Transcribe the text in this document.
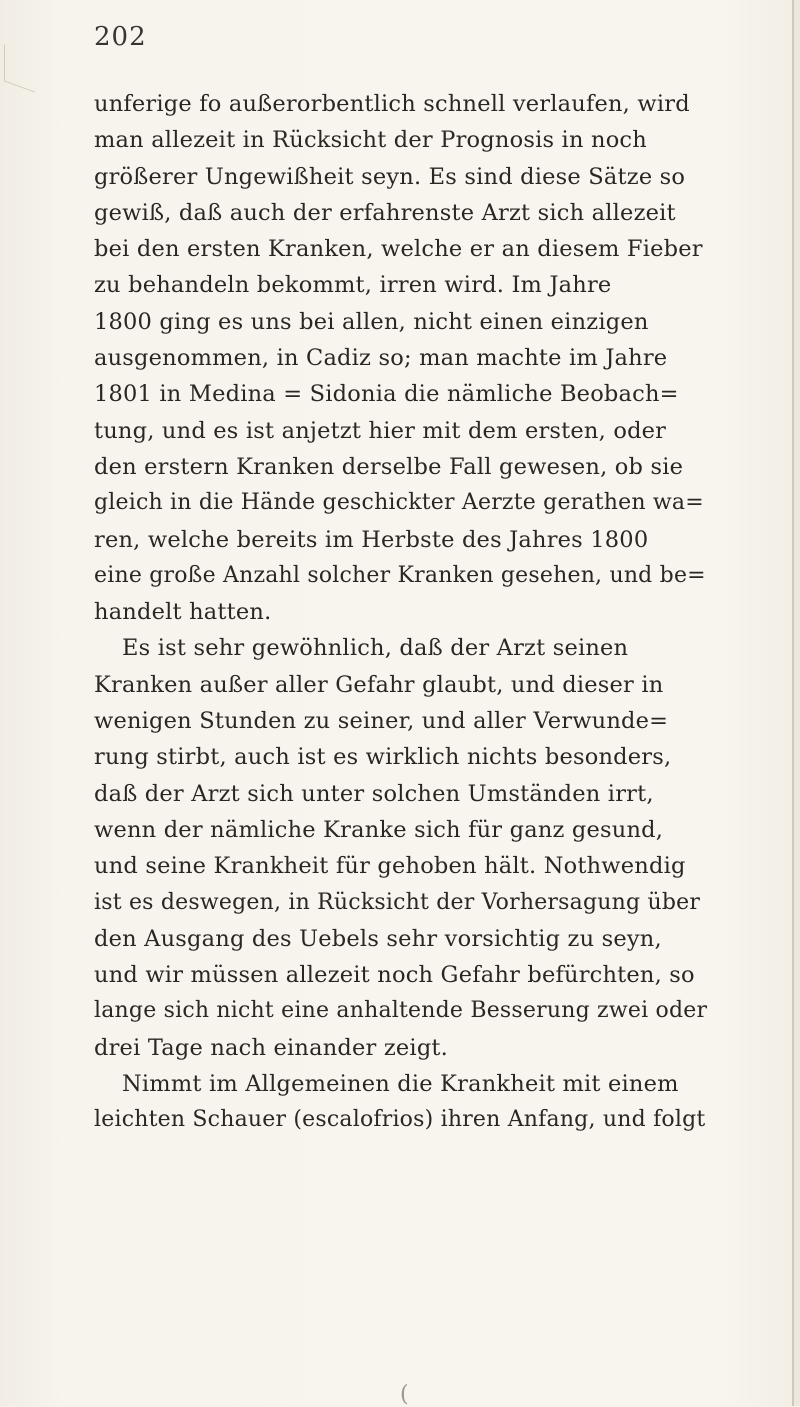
202
unferige fo außerorbentlich schnell verlaufen, wird
man allezeit in Rücksicht der Prognosis in noch
größerer Ungewißheit seyn. Es sind diese Sätze so
gewiß, daß auch der erfahrenste Arzt sich allezeit
bei den ersten Kranken, welche er an diesem Fieber
zu behandeln bekommt, irren wird. Im Jahre
1800 ging es uns bei allen, nicht einen einzigen
ausgenommen, in Cadiz so; man machte im Jahre
1801 in Medina = Sidonia die nämliche Beobach=
tung, und es ist anjetzt hier mit dem ersten, oder
den erstern Kranken derselbe Fall gewesen, ob sie
gleich in die Hände geschickter Aerzte gerathen wa=
ren, welche bereits im Herbste des Jahres 1800
eine große Anzahl solcher Kranken gesehen, und be=
handelt hatten.
Es ist sehr gewöhnlich, daß der Arzt seinen
Kranken außer aller Gefahr glaubt, und dieser in
wenigen Stunden zu seiner, und aller Verwunde=
rung stirbt, auch ist es wirklich nichts besonders,
daß der Arzt sich unter solchen Umständen irrt,
wenn der nämliche Kranke sich für ganz gesund,
und seine Krankheit für gehoben hält. Nothwendig
ist es deswegen, in Rücksicht der Vorhersagung über
den Ausgang des Uebels sehr vorsichtig zu seyn,
und wir müssen allezeit noch Gefahr befürchten, so
lange sich nicht eine anhaltende Besserung zwei oder
drei Tage nach einander zeigt.
Nimmt im Allgemeinen die Krankheit mit einem
leichten Schauer (escalofrios) ihren Anfang, und folgt
(
